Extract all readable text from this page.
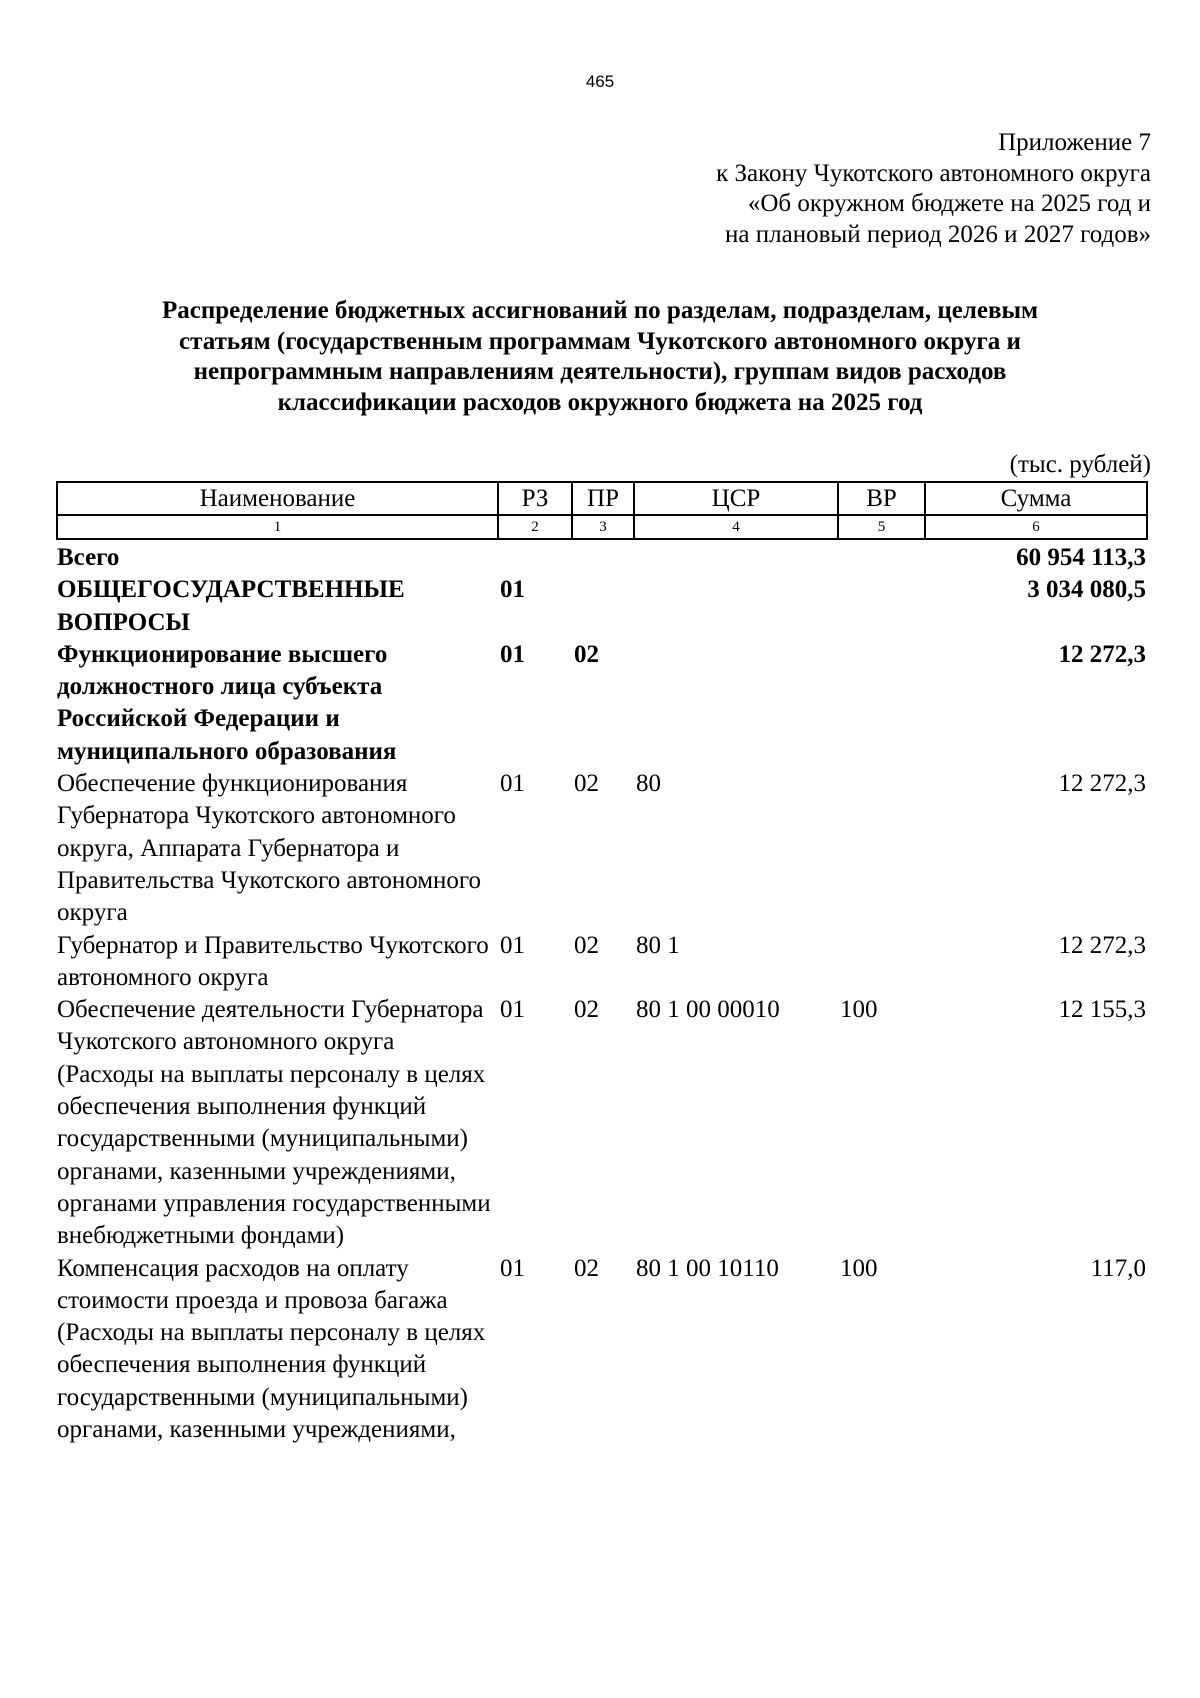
465
Приложение 7
к Закону Чукотского автономного округа
«Об окружном бюджете на 2025 год и
на плановый период 2026 и 2027 годов»
Распределение бюджетных ассигнований по разделам, подразделам, целевым
статьям (государственным программам Чукотского автономного округа и
непрограммным направлениям деятельности), группам видов расходов
классификации расходов окружного бюджета на 2025 год
(тыс. рублей)
Наименование	РЗ	ПР	ЦСР	ВР	Сумма
1	2	3	4	5	6
Всего					60 954 113,3
ОБЩЕГОСУДАРСТВЕННЫЕ ВОПРОСЫ	01				3 034 080,5
Функционирование высшего должностного лица субъекта Российской Федерации и муниципального образования	01	02			12 272,3
Обеспечение функционирования Губернатора Чукотского автономного округа, Аппарата Губернатора и Правительства Чукотского автономного округа	01	02	80		12 272,3
Губернатор и Правительство Чукотского автономного округа	01	02	80 1		12 272,3
Обеспечение деятельности Губернатора Чукотского автономного округа (Расходы на выплаты персоналу в целях обеспечения выполнения функций государственными (муниципальными) органами, казенными учреждениями, органами управления государственными внебюджетными фондами)	01	02	80 1 00 00010	100	12 155,3
Компенсация расходов на оплату стоимости проезда и провоза багажа (Расходы на выплаты персоналу в целях обеспечения выполнения функций государственными (муниципальными) органами, казенными учреждениями,	01	02	80 1 00 10110	100	117,0
